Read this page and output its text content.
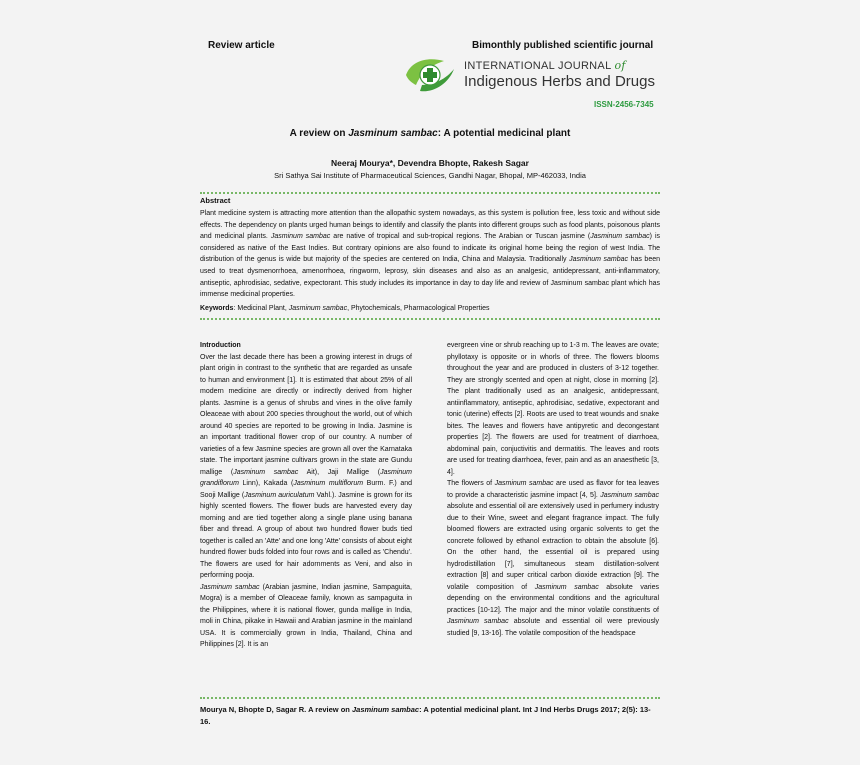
Review article	Bimonthly published scientific journal
INTERNATIONAL JOURNAL of
Indigenous Herbs and Drugs
ISSN-2456-7345
A review on Jasminum sambac: A potential medicinal plant
Neeraj Mourya*, Devendra Bhopte, Rakesh Sagar
Sri Sathya Sai Institute of Pharmaceutical Sciences, Gandhi Nagar, Bhopal, MP-462033, India
Abstract
Plant medicine system is attracting more attention than the allopathic system nowadays, as this system is pollution free, less toxic and without side effects. The dependency on plants urged human beings to identify and classify the plants into different groups such as food plants, poisonous plants and medicinal plants. Jasminum sambac are native of tropical and sub-tropical regions. The Arabian or Tuscan jasmine (Jasminum sambac) is considered as native of the East Indies. But contrary opinions are also found to indicate its original home being the region of west India. The distribution of the genus is wide but majority of the species are centered on India, China and Malaysia. Traditionally Jasminum sambac has been used to treat dysmenorrhoea, amenorrhoea, ringworm, leprosy, skin diseases and also as an analgesic, antidepressant, anti-inflammatory, antiseptic, aphrodisiac, sedative, expectorant. This study includes its importance in day to day life and review of Jasminum sambac plant which has immense medicinal properties.
Keywords: Medicinal Plant, Jasminum sambac, Phytochemicals, Pharmacological Properties

Introduction

Over the last decade there has been a growing interest in drugs of plant origin in contrast to the synthetic that are regarded as unsafe to human and environment [1]. It is estimated that about 25% of all modern medicine are directly or indirectly derived from higher plants. Jasmine is a genus of shrubs and vines in the olive family Oleaceae with about 200 species throughout the world, out of which around 40 species are reported to be growing in India. Jasmine is an important traditional flower crop of our country. A number of varieties of a few Jasmine species are grown all over the Karnataka state. The important jasmine cultivars grown in the state are Gundu mallige (Jasminum sambac Ait), Jaji Mallige (Jasminum grandiflorum Linn), Kakada (Jasminum multiflorum Burm. F.) and Sooji Mallige (Jasminum auriculatum Vahl.). Jasmine is grown for its highly scented flowers. The flower buds are harvested every day morning and are tied together along a single plane using banana fiber and thread. A group of about two hundred flower buds tied together is called an 'Atte' and one long 'Atte' consists of about eight hundred flower buds folded into four rows and is called as 'Chendu'. The flowers are used for hair adornments as Veni, and also in performing pooja.

Jasminum sambac (Arabian jasmine, Indian jasmine, Sampaguita, Mogra) is a member of Oleaceae family, known as sampaguita in the Philippines, where it is national flower, gunda mallige in India, moli in China, pikake in Hawaii and Arabian jasmine in the mainland USA. It is commercially grown in India, Thailand, China and Philippines [2]. It is an

evergreen vine or shrub reaching up to 1-3 m. The leaves are ovate; phyllotaxy is opposite or in whorls of three. The flowers blooms throughout the year and are produced in clusters of 3-12 together. They are strongly scented and open at night, close in morning [2]. The plant traditionally used as an analgesic, antidepressant, antiinflammatory, antiseptic, aphrodisiac, sedative, expectorant and tonic (uterine) effects [2]. Roots are used to treat wounds and snake bites. The leaves and flowers have antipyretic and decongestant properties [2]. The flowers are used for treatment of diarrhoea, abdominal pain, conjuctivitis and dermatitis. The leaves and roots are used for treating diarrhoea, fever, pain and as an anaesthetic [3, 4].

The flowers of Jasminum sambac are used as flavor for tea leaves to provide a characteristic jasmine impact [4, 5]. Jasminum sambac absolute and essential oil are extensively used in perfumery industry due to their Wine, sweet and elegant fragrance impact. The fully bloomed flowers are extracted using organic solvents to get the concrete followed by ethanol extraction to obtain the absolute [6]. On the other hand, the essential oil is prepared using hydrodistillation [7], simultaneous steam distillation-solvent extraction [8] and super critical carbon dioxide extraction [9]. The volatile composition of Jasminum sambac absolute varies depending on the environmental conditions and the agricultural practices [10-12]. The major and the minor volatile constituents of Jasminum sambac absolute and essential oil were previously studied [9, 13-16]. The volatile composition of the headspace

Mourya N, Bhopte D, Sagar R. A review on Jasminum sambac: A potential medicinal plant. Int J Ind Herbs Drugs 2017; 2(5): 13-16.
